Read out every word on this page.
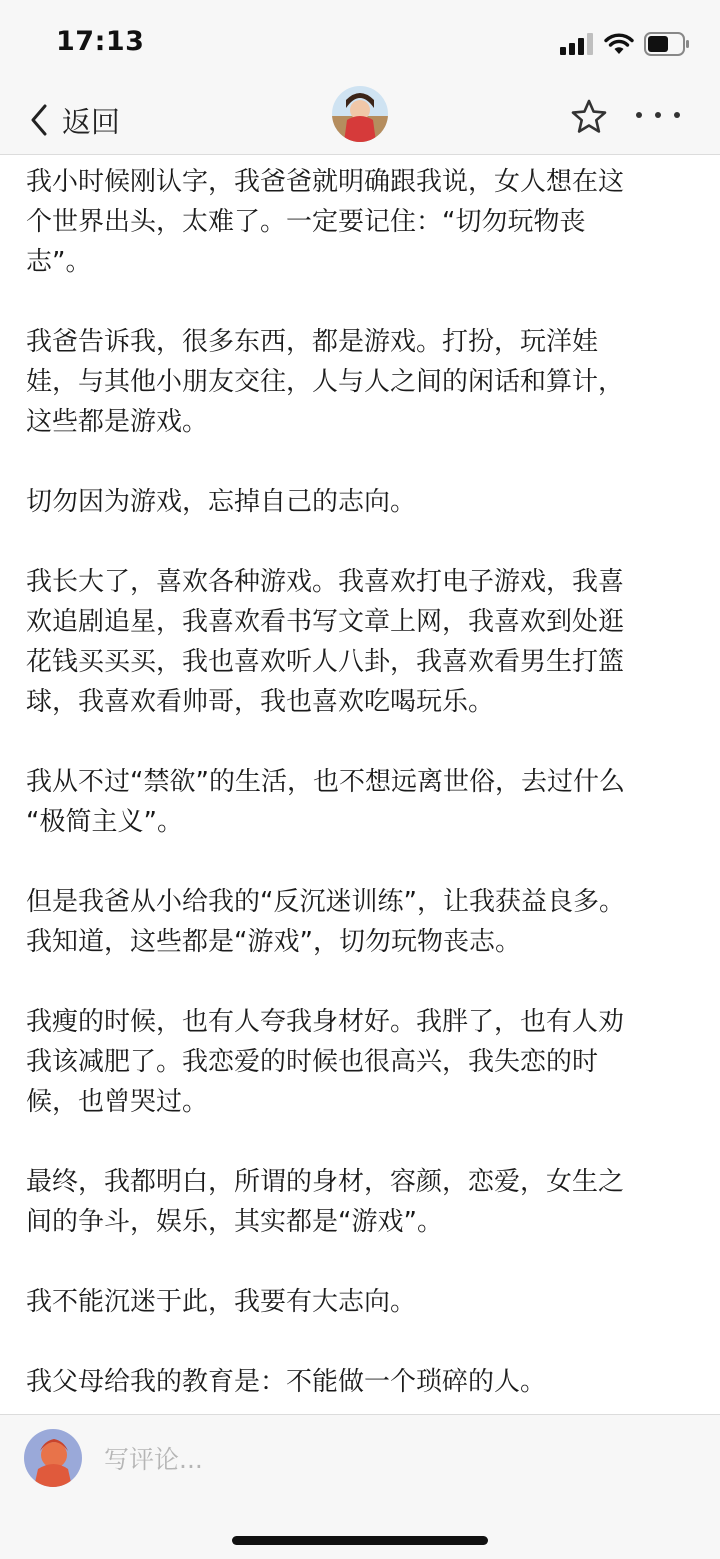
17:13
返回

我小时候刚认字，我爸爸就明确跟我说，女人想在这
个世界出头，太难了。一定要记住：“切勿玩物丧
志”。

我爸告诉我，很多东西，都是游戏。打扮，玩洋娃
娃，与其他小朋友交往，人与人之间的闲话和算计，
这些都是游戏。

切勿因为游戏，忘掉自己的志向。

我长大了，喜欢各种游戏。我喜欢打电子游戏，我喜
欢追剧追星，我喜欢看书写文章上网，我喜欢到处逛
花钱买买买，我也喜欢听人八卦，我喜欢看男生打篮
球，我喜欢看帅哥，我也喜欢吃喝玩乐。

我从不过“禁欲”的生活，也不想远离世俗，去过什么
“极简主义”。

但是我爸从小给我的“反沉迷训练”，让我获益良多。
我知道，这些都是“游戏”，切勿玩物丧志。

我瘦的时候，也有人夸我身材好。我胖了，也有人劝
我该减肥了。我恋爱的时候也很高兴，我失恋的时
候，也曾哭过。

最终，我都明白，所谓的身材，容颜，恋爱，女生之
间的争斗，娱乐，其实都是“游戏”。

我不能沉迷于此，我要有大志向。

我父母给我的教育是：不能做一个琐碎的人。

写评论...
